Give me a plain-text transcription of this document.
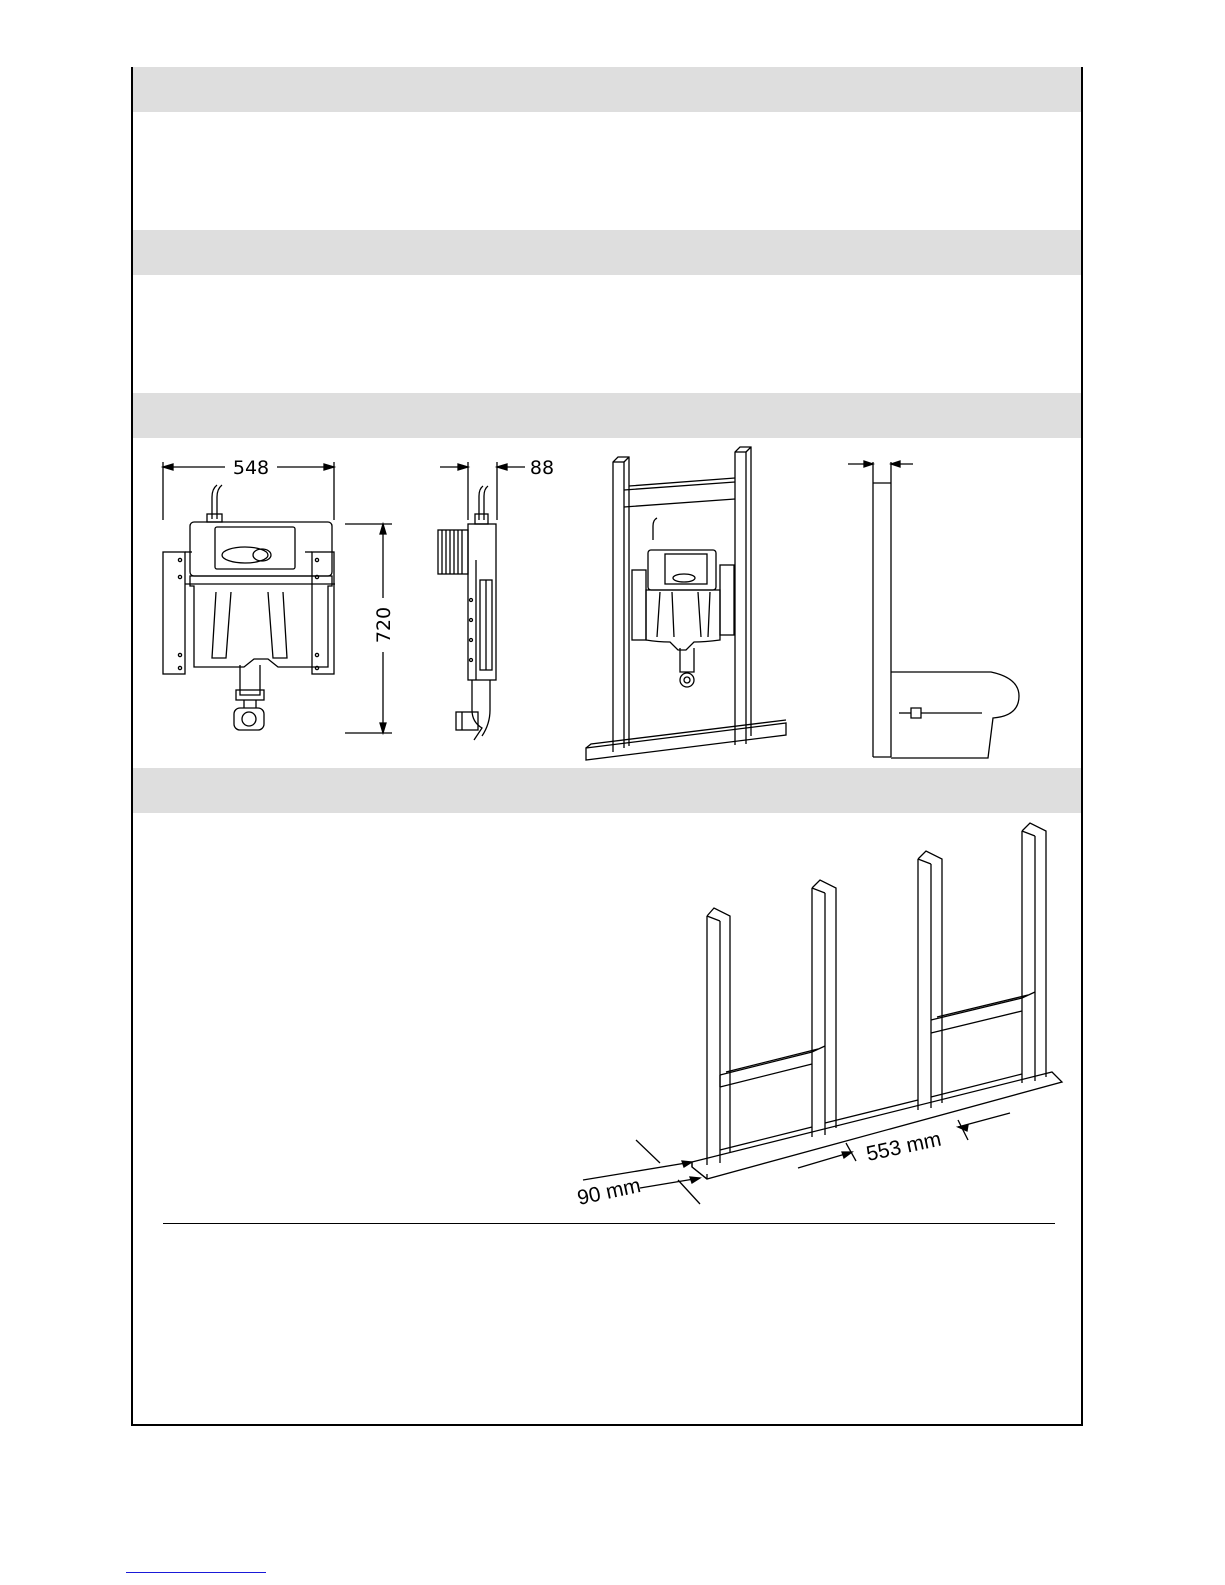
548	88
720
90 mm
553 mm
